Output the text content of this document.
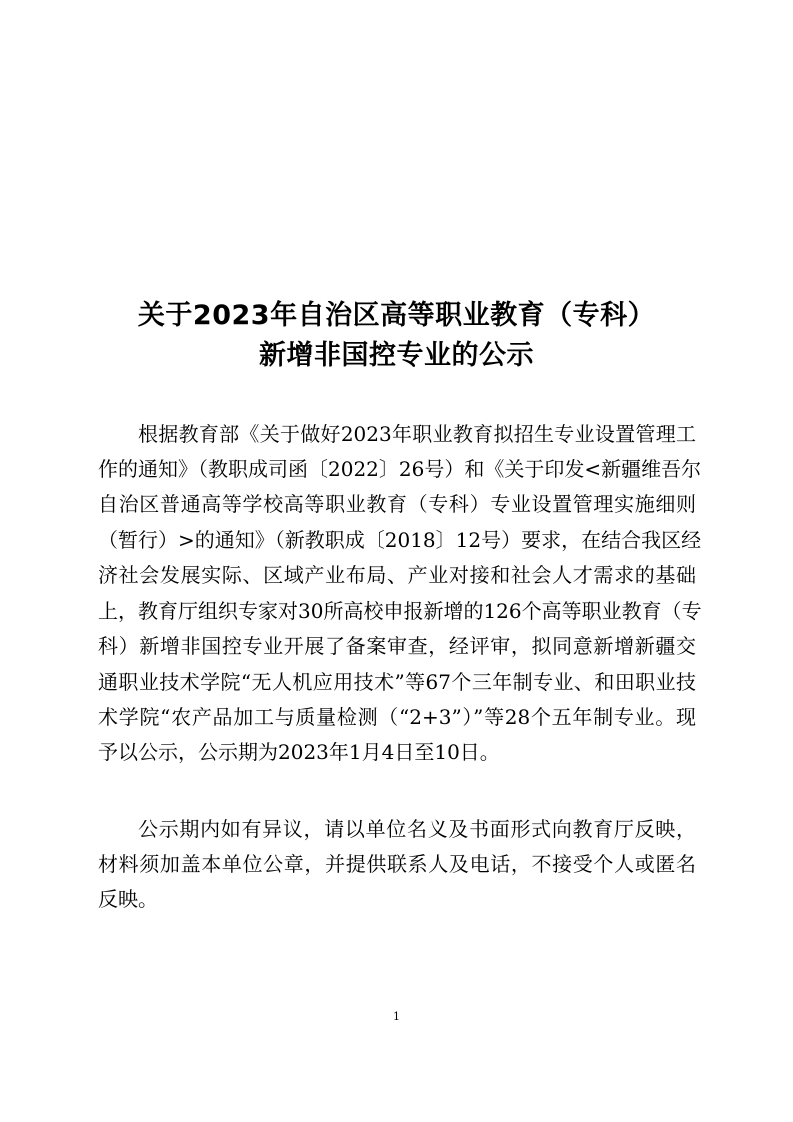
关于2023年自治区高等职业教育（专科）
新增非国控专业的公示
根据教育部《关于做好2023年职业教育拟招生专业设置管理工
作的通知》（教职成司函〔2022〕26号）和《关于印发<新疆维吾尔
自治区普通高等学校高等职业教育（专科）专业设置管理实施细则
（暂行）>的通知》（新教职成〔2018〕12号）要求，在结合我区经
济社会发展实际、区域产业布局、产业对接和社会人才需求的基础
上，教育厅组织专家对30所高校申报新增的126个高等职业教育（专
科）新增非国控专业开展了备案审查，经评审，拟同意新增新疆交
通职业技术学院“无人机应用技术”等67个三年制专业、和田职业技
术学院“农产品加工与质量检测（“2+3”）”等28个五年制专业。现
予以公示，公示期为2023年1月4日至10日。
公示期内如有异议，请以单位名义及书面形式向教育厅反映，
材料须加盖本单位公章，并提供联系人及电话，不接受个人或匿名
反映。
1
